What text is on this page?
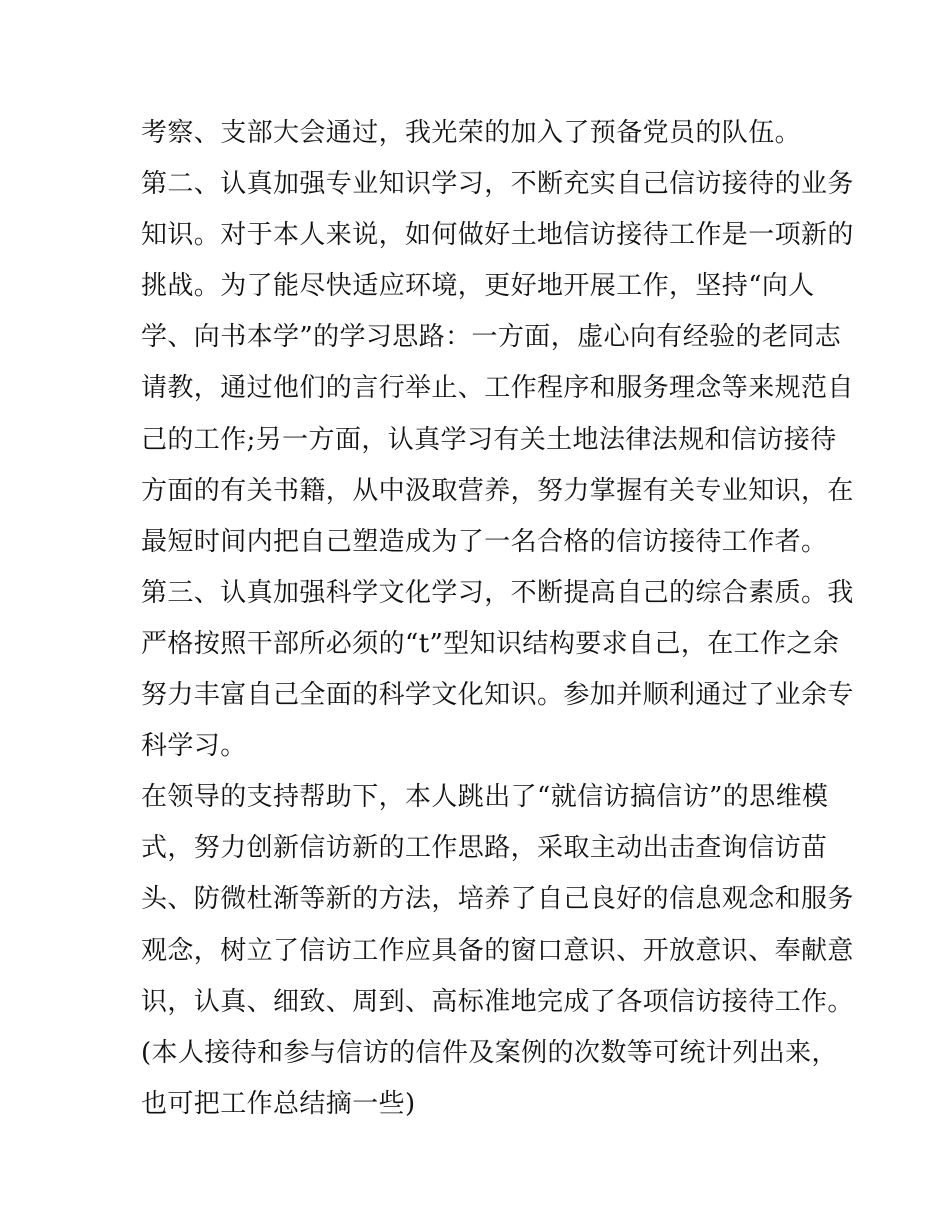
考察、支部大会通过，我光荣的加入了预备党员的队伍。
第二、认真加强专业知识学习，不断充实自己信访接待的业务
知识。对于本人来说，如何做好土地信访接待工作是一项新的
挑战。为了能尽快适应环境，更好地开展工作，坚持“向人
学、向书本学”的学习思路：一方面，虚心向有经验的老同志
请教，通过他们的言行举止、工作程序和服务理念等来规范自
己的工作;另一方面，认真学习有关土地法律法规和信访接待
方面的有关书籍，从中汲取营养，努力掌握有关专业知识，在
最短时间内把自己塑造成为了一名合格的信访接待工作者。
第三、认真加强科学文化学习，不断提高自己的综合素质。我
严格按照干部所必须的“t”型知识结构要求自己，在工作之余
努力丰富自己全面的科学文化知识。参加并顺利通过了业余专
科学习。
在领导的支持帮助下，本人跳出了“就信访搞信访”的思维模
式，努力创新信访新的工作思路，采取主动出击查询信访苗
头、防微杜渐等新的方法，培养了自己良好的信息观念和服务
观念，树立了信访工作应具备的窗口意识、开放意识、奉献意
识，认真、细致、周到、高标准地完成了各项信访接待工作。
(本人接待和参与信访的信件及案例的次数等可统计列出来，
也可把工作总结摘一些)
